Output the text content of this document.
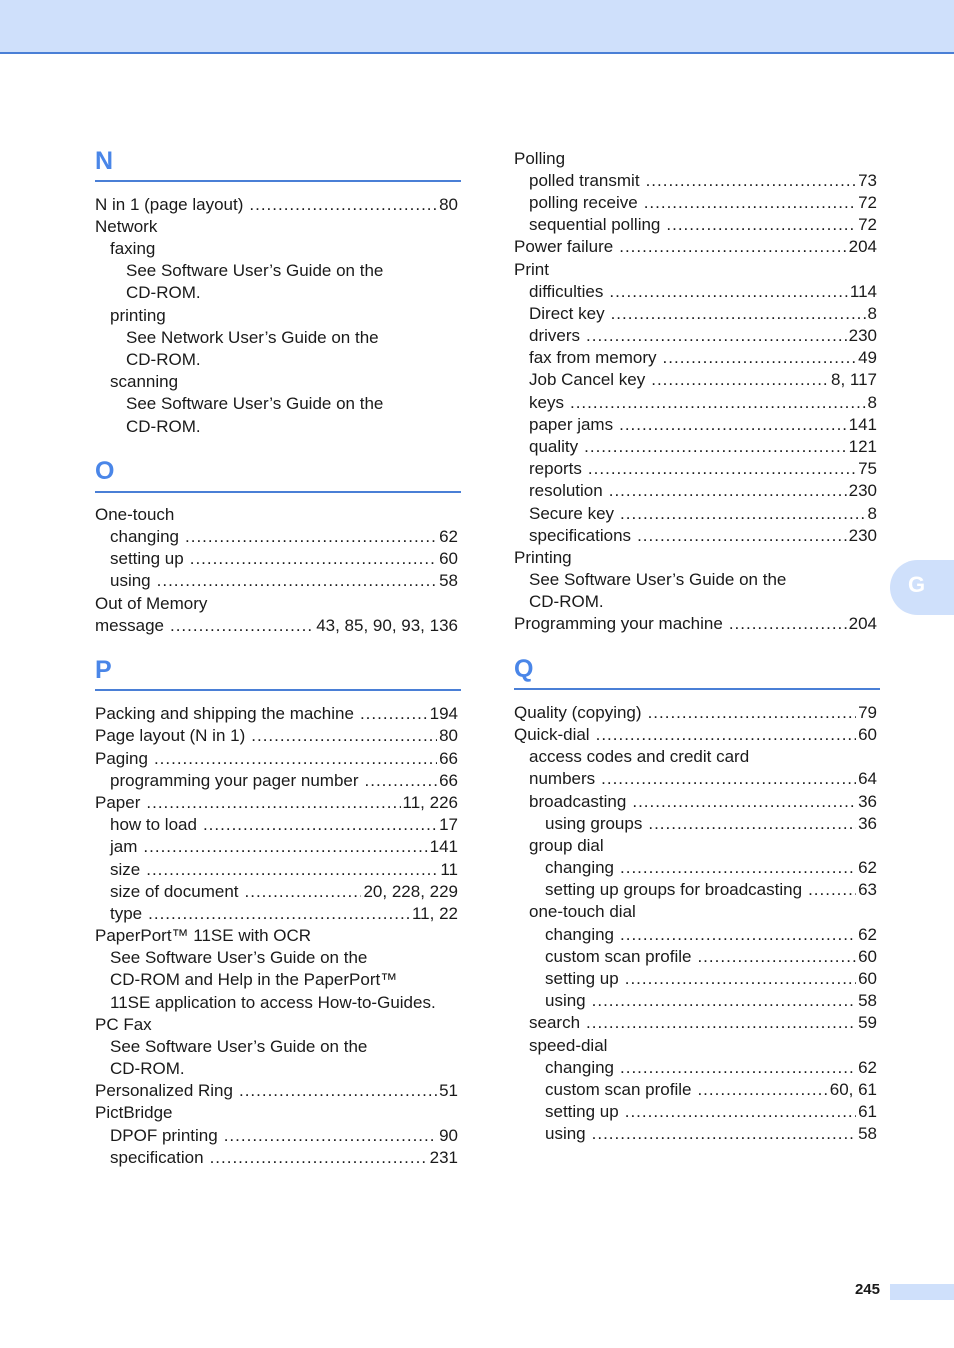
N
N in 1 (page layout) .....	80
Network
faxing
See Software User’s Guide on the
CD-ROM.
printing
See Network User’s Guide on the
CD-ROM.
scanning
See Software User’s Guide on the
CD-ROM.
O
One-touch
changing .....	62
setting up .....	60
using .....	58
Out of Memory
message .....	43, 85, 90, 93, 136
P
Packing and shipping the machine .....	194
Page layout (N in 1) .....	80
Paging .....	66
programming your pager number .....	66
Paper .....	11, 226
how to load .....	17
jam .....	141
size .....	11
size of document .....	20, 228, 229
type .....	11, 22
PaperPort™ 11SE with OCR
See Software User’s Guide on the
CD-ROM and Help in the PaperPort™
11SE application to access How-to-Guides.
PC Fax
See Software User’s Guide on the
CD-ROM.
Personalized Ring .....	51
PictBridge
DPOF printing .....	90
specification .....	231
Polling
polled transmit .....	73
polling receive .....	72
sequential polling .....	72
Power failure .....	204
Print
difficulties .....	114
Direct key .....	8
drivers .....	230
fax from memory .....	49
Job Cancel key .....	8, 117
keys .....	8
paper jams .....	141
quality .....	121
reports .....	75
resolution .....	230
Secure key .....	8
specifications .....	230
Printing
See Software User’s Guide on the
CD-ROM.
Programming your machine .....	204
Q
Quality (copying) .....	79
Quick-dial .....	60
access codes and credit card
numbers .....	64
broadcasting .....	36
using groups .....	36
group dial
changing .....	62
setting up groups for broadcasting .....	63
one-touch dial
changing .....	62
custom scan profile .....	60
setting up .....	60
using .....	58
search .....	59
speed-dial
changing .....	62
custom scan profile .....	60, 61
setting up .....	61
using .....	58
G
245
